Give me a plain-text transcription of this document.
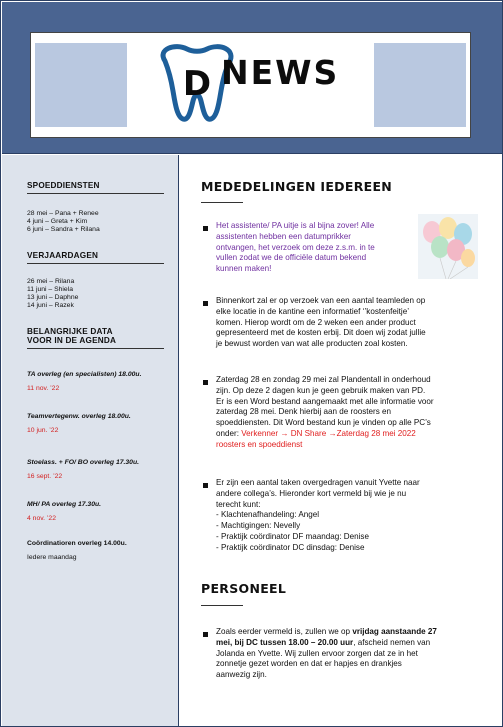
D NEWS
SPOEDDIENSTEN
28 mei – Pana + Renee
4 juni – Greta + Kim
6 juni – Sandra + Rilana
VERJAARDAGEN
26 mei – Rilana
11 juni – Shiela
13 juni – Daphne
14 juni – Razek
BELANGRIJKE DATA
VOOR IN DE AGENDA
TA overleg (en specialisten) 18.00u.
11 nov. ’22
Teamvertegenw. overleg 18.00u.
10 jun. ’22
Stoelass. + FO/ BO overleg 17.30u.
16 sept. ’22
MH/ PA overleg 17.30u.
4 nov. ’22
Coördinatioren overleg 14.00u.
Iedere maandag
MEDEDELINGEN IEDEREEN
Het assistente/ PA uitje is al bijna zover! Alle
assistenten hebben een datumprikker
ontvangen, het verzoek om deze z.s.m. in te
vullen zodat we de officiële datum bekend
kunnen maken!
Binnenkort zal er op verzoek van een aantal teamleden op
elke locatie in de kantine een informatief ‘’kostenfeitje’
komen. Hierop wordt om de 2 weken een ander product
gepresenteerd met de kosten erbij. Dit doen wij zodat jullie
je bewust worden van wat alle producten zoal kosten.
Zaterdag 28 en zondag 29 mei zal Plandentall in onderhoud
zijn. Op deze 2 dagen kun je geen gebruik maken van PD.
Er is een Word bestand aangemaakt met alle informatie voor
zaterdag 28 mei. Denk hierbij aan de roosters en
spoeddiensten. Dit Word bestand kun je vinden op alle PC’s
onder: Verkenner → DN Share →Zaterdag 28 mei 2022
roosters en spoeddienst
Er zijn een aantal taken overgedragen vanuit Yvette naar
andere collega’s. Hieronder kort vermeld bij wie je nu
terecht kunt:
- Klachtenafhandeling: Angel
- Machtigingen: Nevelly
- Praktijk coördinator DF maandag: Denise
- Praktijk coördinator DC dinsdag: Denise
PERSONEEL
Zoals eerder vermeld is, zullen we op vrijdag aanstaande 27
mei, bij DC tussen 18.00 – 20.00 uur, afscheid nemen van
Jolanda en Yvette. Wij zullen ervoor zorgen dat ze in het
zonnetje gezet worden en dat er hapjes en drankjes
aanwezig zijn.
